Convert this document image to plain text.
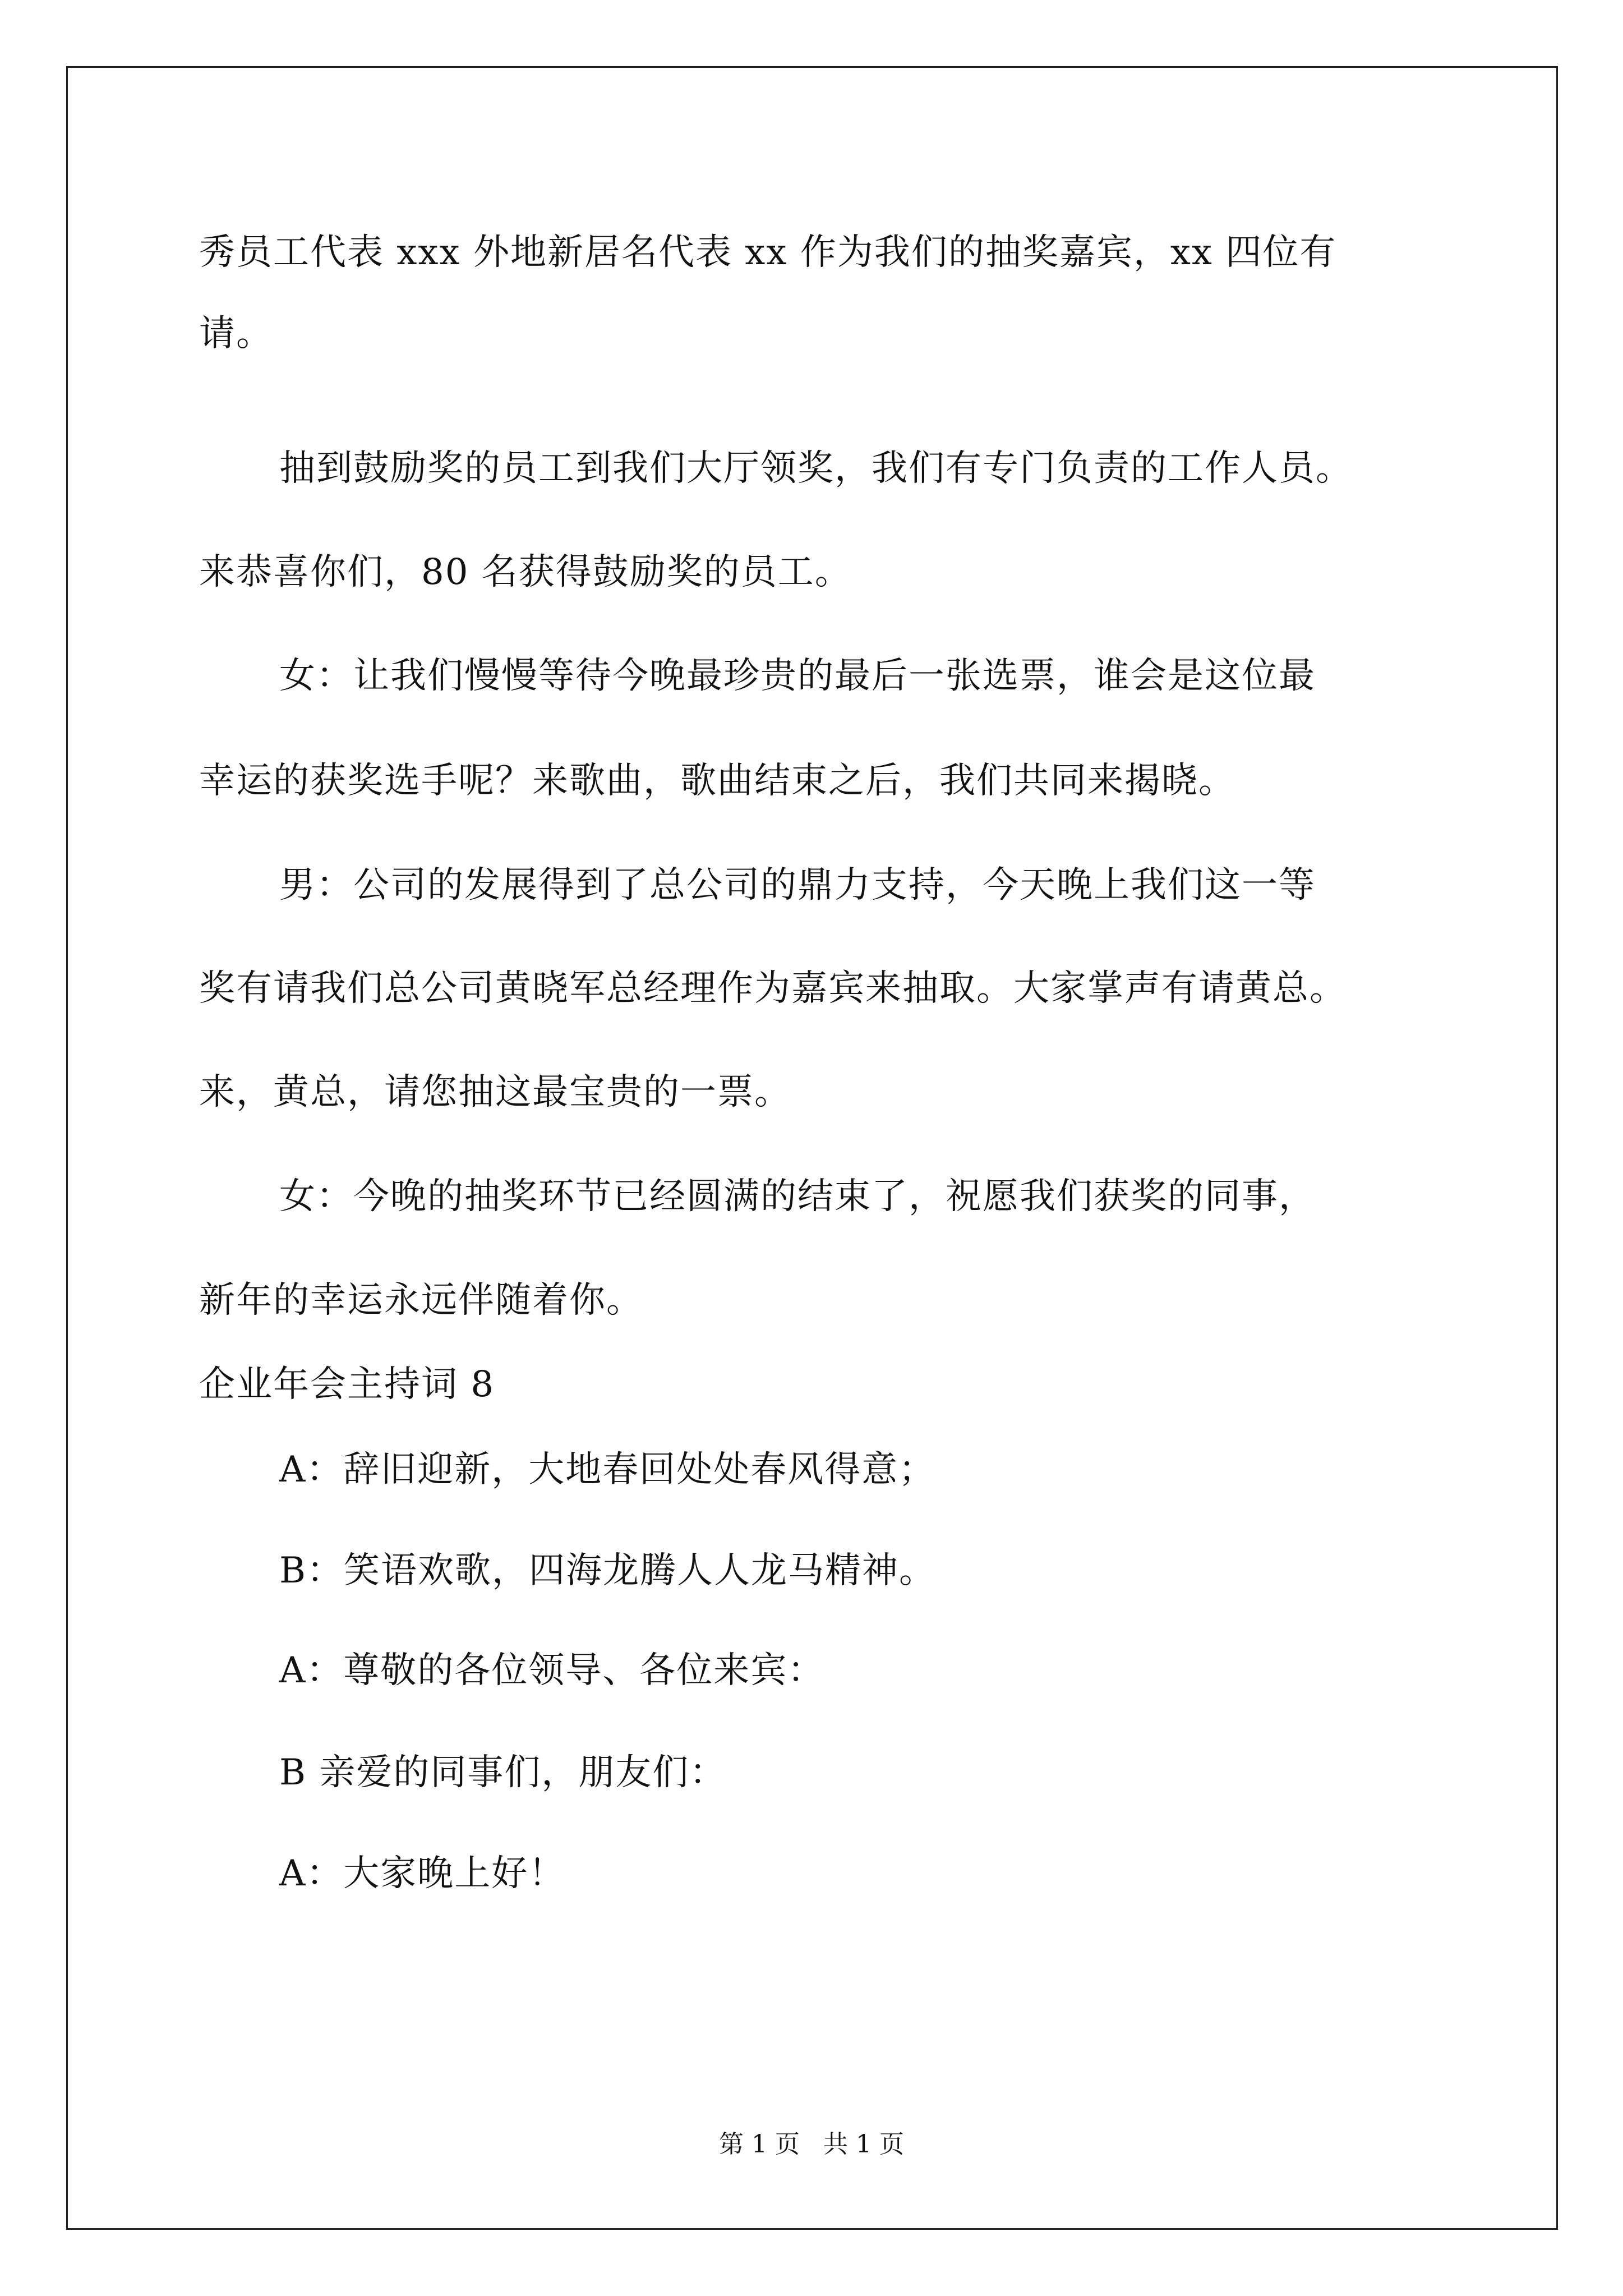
秀员工代表 xxx 外地新居名代表 xx 作为我们的抽奖嘉宾，xx 四位有
请。
抽到鼓励奖的员工到我们大厅领奖，我们有专门负责的工作人员。
来恭喜你们，80 名获得鼓励奖的员工。
女：让我们慢慢等待今晚最珍贵的最后一张选票，谁会是这位最
幸运的获奖选手呢？来歌曲，歌曲结束之后，我们共同来揭晓。
男：公司的发展得到了总公司的鼎力支持，今天晚上我们这一等
奖有请我们总公司黄晓军总经理作为嘉宾来抽取。大家掌声有请黄总。
来，黄总，请您抽这最宝贵的一票。
女：今晚的抽奖环节已经圆满的结束了，祝愿我们获奖的同事，
新年的幸运永远伴随着你。
企业年会主持词 8
A：辞旧迎新，大地春回处处春风得意；
B：笑语欢歌，四海龙腾人人龙马精神。
A：尊敬的各位领导、各位来宾：
B 亲爱的同事们，朋友们：
A：大家晚上好！
第 1 页   共 1 页
